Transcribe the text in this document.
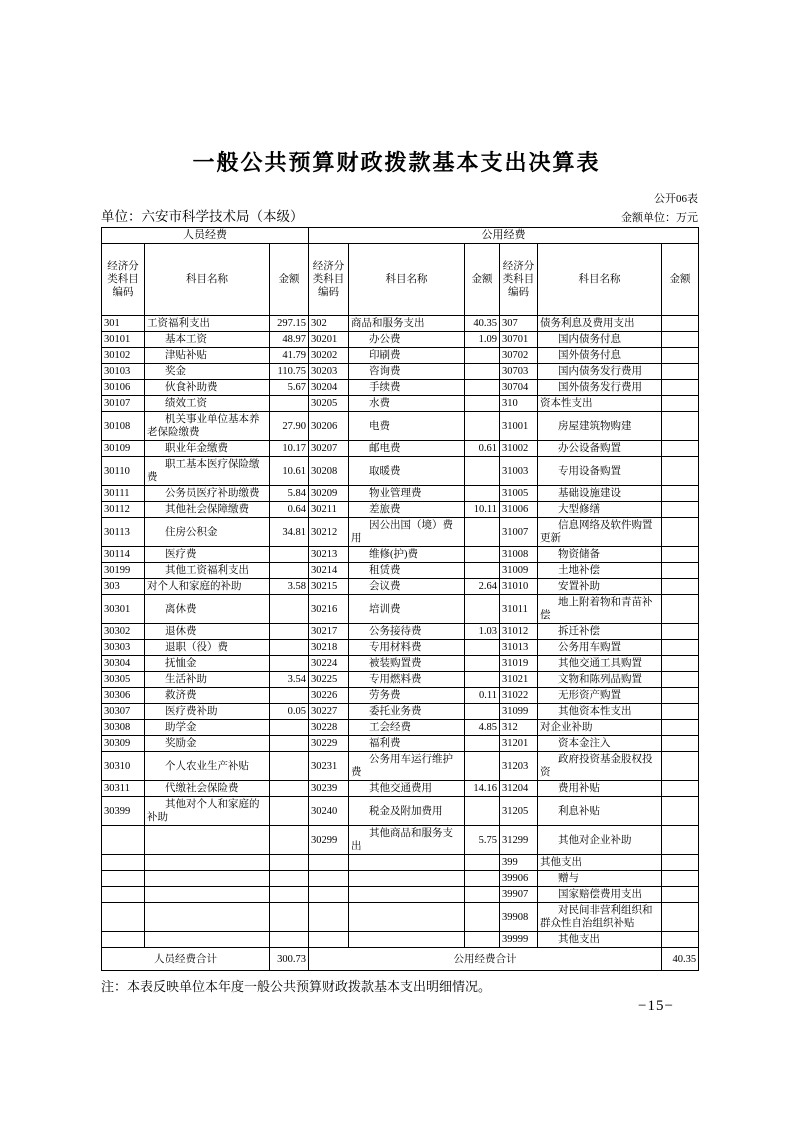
一般公共预算财政拨款基本支出决算表
公开06表
单位：六安市科学技术局（本级）	金额单位：万元
人员经费			公用经费					
经济分类科目编码	科目名称	金额	经济分类科目编码	科目名称	金额	经济分类科目编码	科目名称	金额
301	工资福利支出	297.15	302	商品和服务支出	40.35	307	债务利息及费用支出	
30101	基本工资	48.97	30201	办公费	1.09	30701	国内债务付息	
30102	津贴补贴	41.79	30202	印刷费		30702	国外债务付息	
30103	奖金	110.75	30203	咨询费		30703	国内债务发行费用	
30106	伙食补助费	5.67	30204	手续费		30704	国外债务发行费用	
30107	绩效工资		30205	水费		310	资本性支出	
30108	机关事业单位基本养老保险缴费	27.90	30206	电费		31001	房屋建筑物购建	
30109	职业年金缴费	10.17	30207	邮电费	0.61	31002	办公设备购置	
30110	职工基本医疗保险缴费	10.61	30208	取暖费		31003	专用设备购置	
30111	公务员医疗补助缴费	5.84	30209	物业管理费		31005	基础设施建设	
30112	其他社会保障缴费	0.64	30211	差旅费	10.11	31006	大型修缮	
30113	住房公积金	34.81	30212	因公出国（境）费用		31007	信息网络及软件购置更新	
30114	医疗费		30213	维修(护)费		31008	物资储备	
30199	其他工资福利支出		30214	租赁费		31009	土地补偿	
303	对个人和家庭的补助	3.58	30215	会议费	2.64	31010	安置补助	
30301	离休费		30216	培训费		31011	地上附着物和青苗补偿	
30302	退休费		30217	公务接待费	1.03	31012	拆迁补偿	
30303	退职（役）费		30218	专用材料费		31013	公务用车购置	
30304	抚恤金		30224	被装购置费		31019	其他交通工具购置	
30305	生活补助	3.54	30225	专用燃料费		31021	文物和陈列品购置	
30306	救济费		30226	劳务费	0.11	31022	无形资产购置	
30307	医疗费补助	0.05	30227	委托业务费		31099	其他资本性支出	
30308	助学金		30228	工会经费	4.85	312	对企业补助	
30309	奖励金		30229	福利费		31201	资本金注入	
30310	个人农业生产补贴		30231	公务用车运行维护费		31203	政府投资基金股权投资	
30311	代缴社会保险费		30239	其他交通费用	14.16	31204	费用补贴	
30399	其他对个人和家庭的补助		30240	税金及附加费用		31205	利息补贴	
			30299	其他商品和服务支出	5.75	31299	其他对企业补助	
						399	其他支出	
						39906	赠与	
						39907	国家赔偿费用支出	
						39908	对民间非营利组织和群众性自治组织补贴	
						39999	其他支出	
人员经费合计		300.73	公用经费合计					40.35
注：本表反映单位本年度一般公共预算财政拨款基本支出明细情况。
−15−
